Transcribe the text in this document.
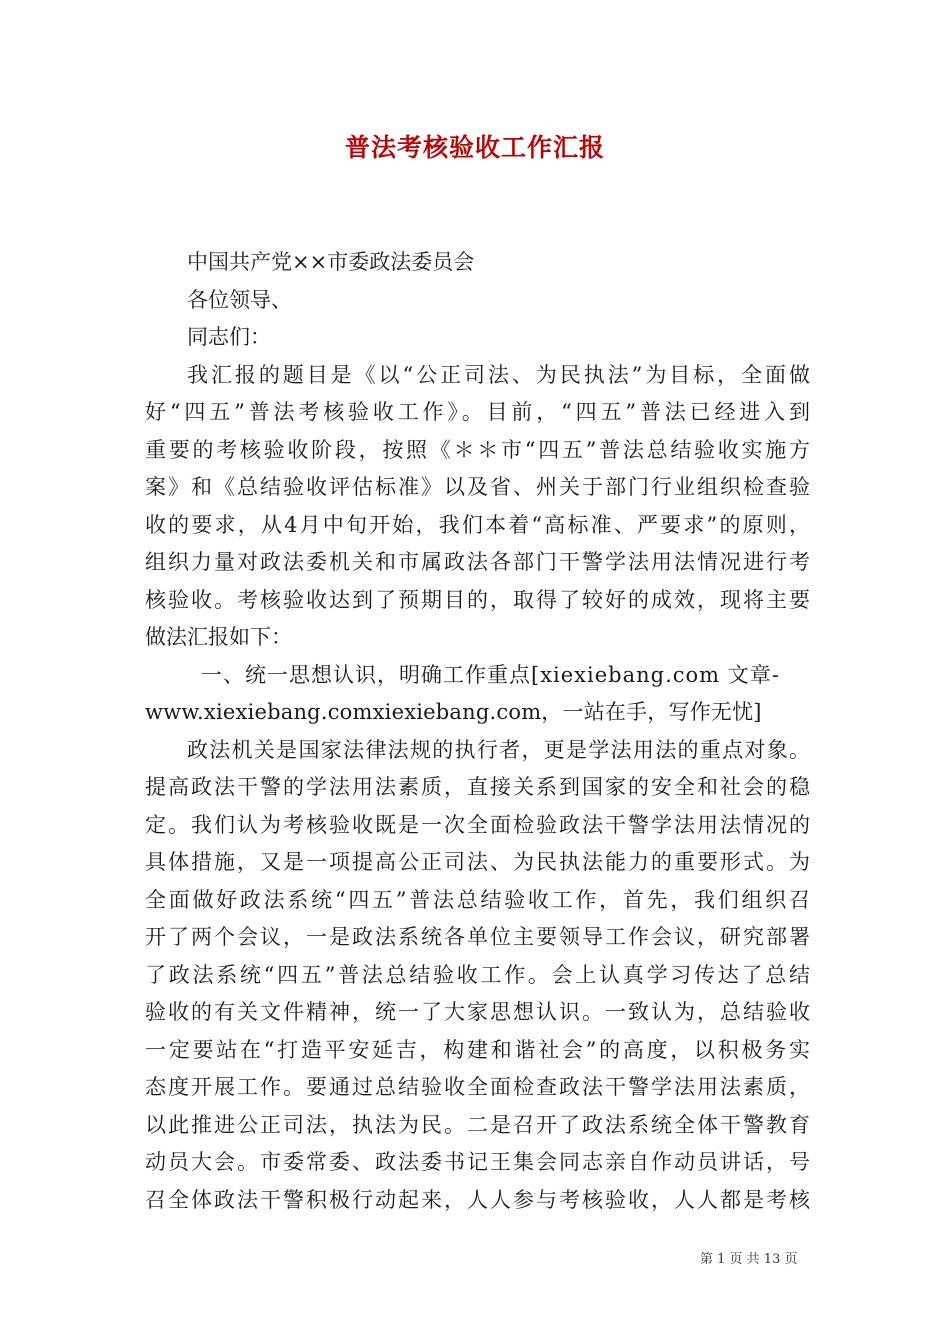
普法考核验收工作汇报
中国共产党××市委政法委员会
各位领导、
同志们：
我汇报的题目是《以“公正司法、为民执法”为目标，全面做
好“四五”普法考核验收工作》。目前，“四五”普法已经进入到
重要的考核验收阶段，按照《＊＊市“四五”普法总结验收实施方
案》和《总结验收评估标准》以及省、州关于部门行业组织检查验
收的要求，从4月中旬开始，我们本着“高标准、严要求”的原则，
组织力量对政法委机关和市属政法各部门干警学法用法情况进行考
核验收。考核验收达到了预期目的，取得了较好的成效，现将主要
做法汇报如下：
一、统一思想认识，明确工作重点[xiexiebang.com 文章-
www.xiexiebang.comxiexiebang.com，一站在手，写作无忧]
政法机关是国家法律法规的执行者，更是学法用法的重点对象。
提高政法干警的学法用法素质，直接关系到国家的安全和社会的稳
定。我们认为考核验收既是一次全面检验政法干警学法用法情况的
具体措施，又是一项提高公正司法、为民执法能力的重要形式。为
全面做好政法系统“四五”普法总结验收工作，首先，我们组织召
开了两个会议，一是政法系统各单位主要领导工作会议，研究部署
了政法系统“四五”普法总结验收工作。会上认真学习传达了总结
验收的有关文件精神，统一了大家思想认识。一致认为，总结验收
一定要站在“打造平安延吉，构建和谐社会”的高度，以积极务实
态度开展工作。要通过总结验收全面检查政法干警学法用法素质，
以此推进公正司法，执法为民。二是召开了政法系统全体干警教育
动员大会。市委常委、政法委书记王集会同志亲自作动员讲话，号
召全体政法干警积极行动起来，人人参与考核验收，人人都是考核
第 1 页 共 13 页
